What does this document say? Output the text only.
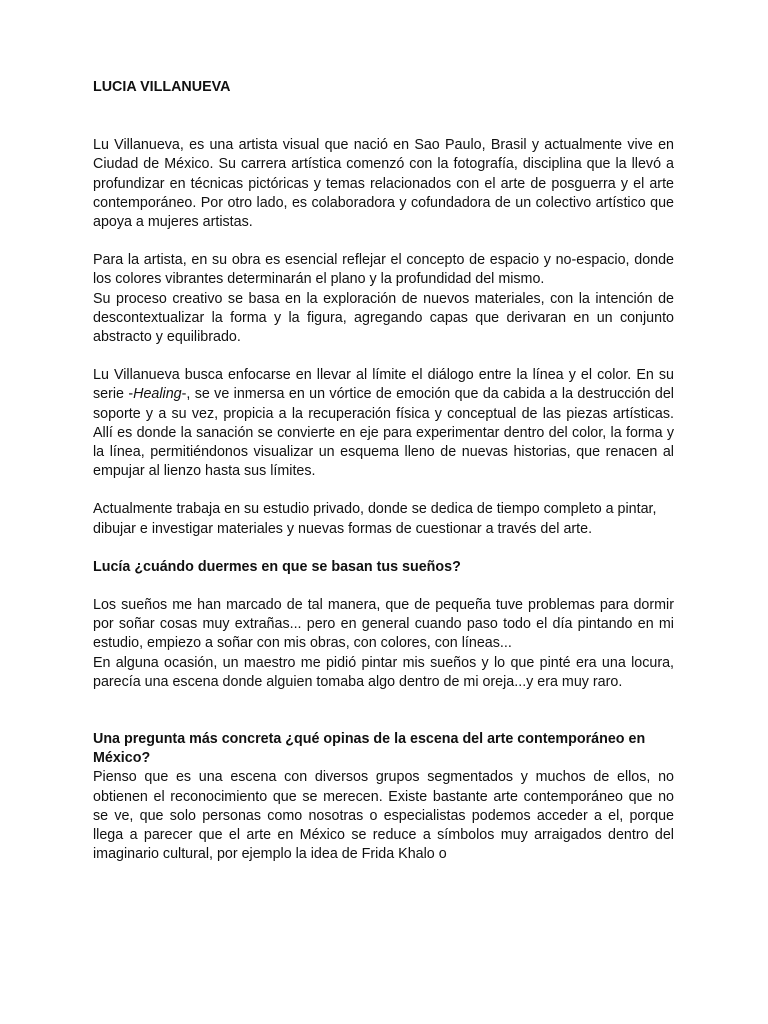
LUCIA VILLANUEVA

Lu Villanueva, es una artista visual que nació en Sao Paulo, Brasil y actualmente vive en Ciudad de México. Su carrera artística comenzó con la fotografía, disciplina que la llevó a profundizar en técnicas pictóricas y temas relacionados con el arte de posguerra y el arte contemporáneo. Por otro lado, es colaboradora y cofundadora de un colectivo artístico que apoya a mujeres artistas.

Para la artista, en su obra es esencial reflejar el concepto de espacio y no-espacio, donde los colores vibrantes determinarán el plano y la profundidad del mismo.

Su proceso creativo se basa en la exploración de nuevos materiales, con la intención de descontextualizar la forma y la figura, agregando capas que derivaran en un conjunto abstracto y equilibrado.

Lu Villanueva busca enfocarse en llevar al límite el diálogo entre la línea y el color. En su serie -Healing-, se ve inmersa en un vórtice de emoción que da cabida a la destrucción del soporte y a su vez, propicia a la recuperación física y conceptual de las piezas artísticas. Allí es donde la sanación se convierte en eje para experimentar dentro del color, la forma y la línea, permitiéndonos visualizar un esquema lleno de nuevas historias, que renacen al empujar al lienzo hasta sus límites.

Actualmente trabaja en su estudio privado, donde se dedica de tiempo completo a pintar, dibujar e investigar materiales y nuevas formas de cuestionar a través del arte.

Lucía ¿cuándo duermes en que se basan tus sueños?

Los sueños me han marcado de tal manera, que de pequeña tuve problemas para dormir por soñar cosas muy extrañas... pero en general cuando paso todo el día pintando en mi estudio, empiezo a soñar con mis obras, con colores, con líneas...

En alguna ocasión, un maestro me pidió pintar mis sueños y lo que pinté era una locura, parecía una escena donde alguien tomaba algo dentro de mi oreja...y era muy raro.

Una pregunta más concreta ¿qué opinas de la escena del arte contemporáneo en México?

Pienso que es una escena con diversos grupos segmentados y muchos de ellos, no obtienen el reconocimiento que se merecen. Existe bastante arte contemporáneo que no se ve, que solo personas como nosotras o especialistas podemos acceder a el, porque llega a parecer que el arte en México se reduce a símbolos muy arraigados dentro del imaginario cultural, por ejemplo la idea de Frida Khalo o
